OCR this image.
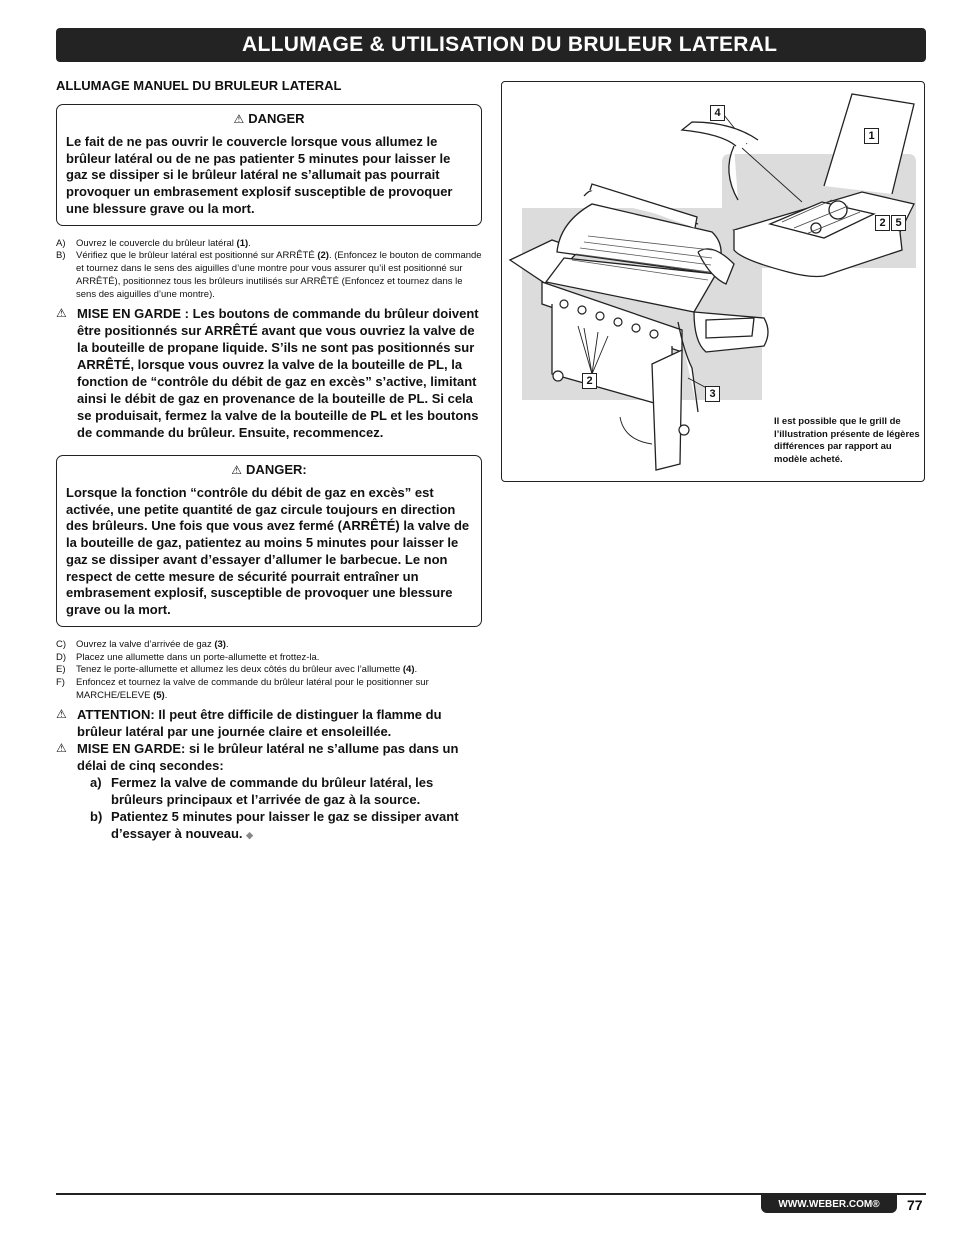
ALLUMAGE & UTILISATION DU BRULEUR LATERAL
ALLUMAGE MANUEL DU BRULEUR LATERAL
⚠ DANGER
Le fait de ne pas ouvrir le couvercle lorsque vous allumez le brûleur latéral ou de ne pas patienter 5 minutes pour laisser le gaz se dissiper si le brûleur latéral ne s’allumait pas pourrait provoquer un embrasement explosif susceptible de provoquer une blessure grave ou la mort.
A)	Ouvrez le couvercle du brûleur latéral (1).
B)	Vérifiez que le brûleur latéral est positionné sur ARRÊTÉ (2). (Enfoncez le bouton de commande et tournez dans le sens des aiguilles d’une montre pour vous assurer qu’il est positionné sur ARRÊTÉ), positionnez tous les brûleurs inutilisés sur ARRÊTÉ (Enfoncez et tournez dans le sens des aiguilles d’une montre).
⚠ MISE EN GARDE : Les boutons de commande du brûleur doivent être positionnés sur ARRÊTÉ avant que vous ouvriez la valve de la bouteille de propane liquide. S’ils ne sont pas positionnés sur ARRÊTÉ, lorsque vous ouvrez la valve de la bouteille de PL, la fonction de “contrôle du débit de gaz en excès” s’active, limitant ainsi le débit de gaz en provenance de la bouteille de PL. Si cela se produisait, fermez la valve de la bouteille de PL et les boutons de commande du brûleur. Ensuite, recommencez.
⚠ DANGER:
Lorsque la fonction “contrôle du débit de gaz en excès” est activée, une petite quantité de gaz circule toujours en direction des brûleurs. Une fois que vous avez fermé (ARRÊTÉ) la valve de la bouteille de gaz, patientez au moins 5 minutes pour laisser le gaz se dissiper avant d’essayer d’allumer le barbecue. Le non respect de cette mesure de sécurité pourrait entraîner un embrasement explosif, susceptible de provoquer une blessure grave ou la mort.
C)	Ouvrez la valve d’arrivée de gaz (3).
D)	Placez une allumette dans un porte-allumette et frottez-la.
E)	Tenez le porte-allumette et allumez les deux côtés du brûleur avec l’allumette (4).
F)	Enfoncez et tournez la valve de commande du brûleur latéral pour le positionner sur MARCHE/ELEVE (5).
⚠ ATTENTION: Il peut être difficile de distinguer la flamme du brûleur latéral par une journée claire et ensoleillée.
⚠ MISE EN GARDE: si le brûleur latéral ne s’allume pas dans un délai de cinq secondes:
a) Fermez la valve de commande du brûleur latéral, les brûleurs principaux et l’arrivée de gaz à la source.
b) Patientez 5 minutes pour laisser le gaz se dissiper avant d’essayer à nouveau. ◆
4
1
2 5
2
3
Il est possible que le grill de l’illustration présente de légères différences par rapport au modèle acheté.
WWW.WEBER.COM®	77
